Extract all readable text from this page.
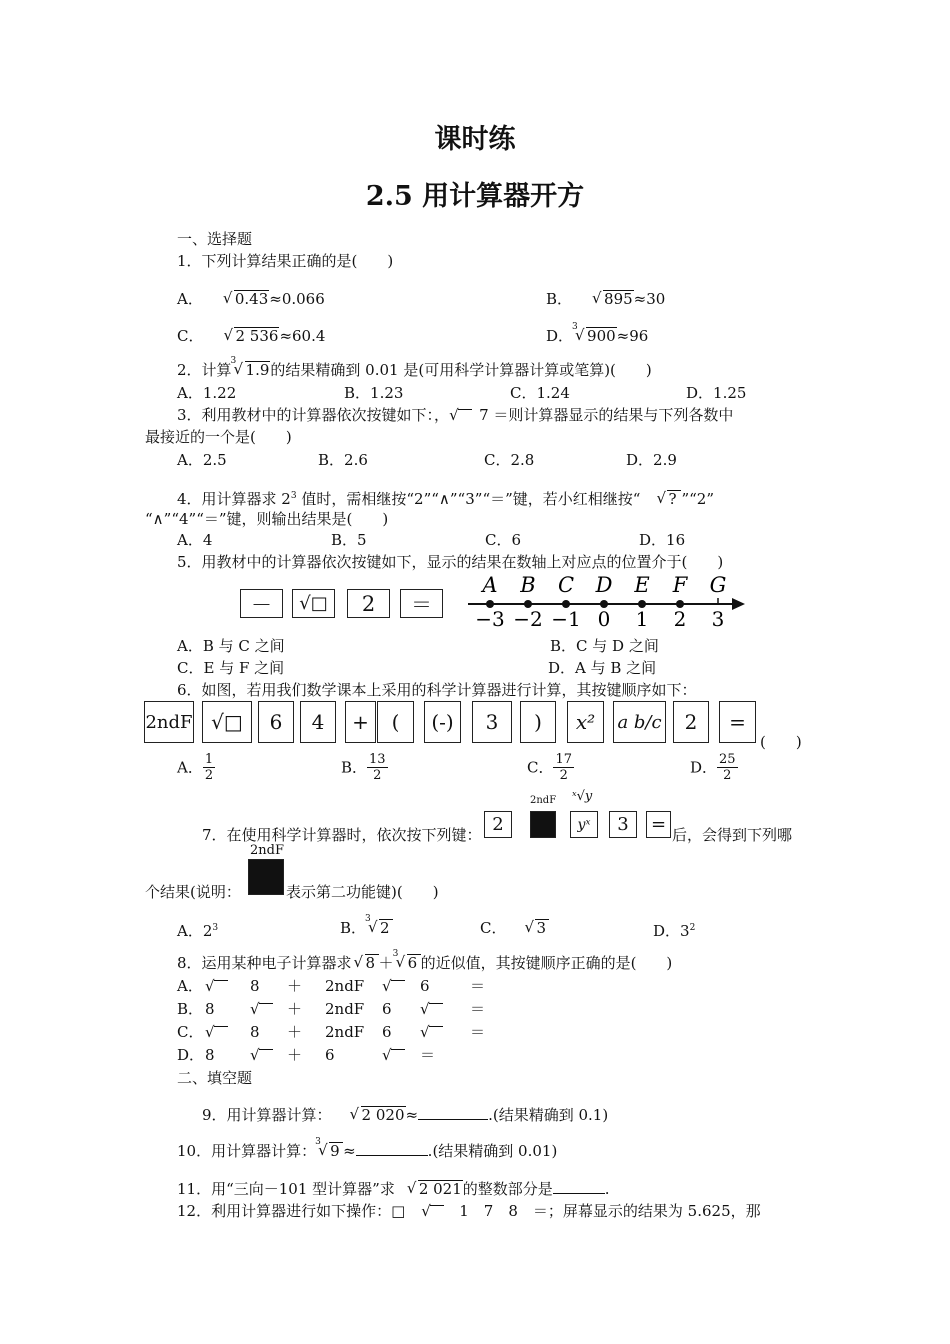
课时练
2.5 用计算器开方
一、选择题
1．下列计算结果正确的是(　　)
A． √ 0.43≈0.066	B． √ 895≈30
C． √ 2 536≈60.4	D． √ 3 900≈96
2．计算 √ 3 1.9的结果精确到 0.01 是(可用科学计算器计算或笔算)(　　)
A．1.22	B．1.23	C．1.24	D．1.25
3．利用教材中的计算器依次按键如下：， √ 7 ＝则计算器显示的结果与下列各数中
最接近的一个是(　　)
A．2.5	B．2.6	C．2.8	D．2.9
4．用计算器求 $2^3$ 值时，需相继按“2”“∧”“3”“＝”键，若小红相继按“ √ ? ”“2”
“∧”“4”“＝”键，则输出结果是(　　)
A．4	B．5	C．6	D．16
5．用教材中的计算器依次按键如下，显示的结果在数轴上对应点的位置介于(　　)
－	√□	2	＝
A
−3
B
−2
C
−1
D
0
E
1
F
2
G
3
A．B 与 C 之间	B．C 与 D 之间
C．E 与 F 之间	D．A 与 B 之间
6．如图，若用我们数学课本上采用的科学计算器进行计算，其按键顺序如下：
2ndF √□	6	4	+	(	(-)	3	)	x²	a b/c	2	=
(　　)
A． $\frac{1}{2}$	B． $\frac{13}{2}$	C． $\frac{17}{2}$	D． $\frac{25}{2}$
7．在使用科学计算器时，依次按下列键： 2
2ndF ˣ√y
yˣ	3	= 后，会得到下列哪
2ndF
个结果(说明：	表示第二功能键)(　　)
A．$2^3$	B． √ 3 2	C． √ 3	D．$3^2$
8．运用某种电子计算器求 √ 8 ＋ √ 3 6 的近似值，其按键顺序正确的是(　　)
A． √	8 ＋ 2ndF √	6	＝
B． 8 √	＋ 2ndF 6 √	＝
C． √	8 ＋ 2ndF 6 √	＝
D． 8 √	＋ 6 √	＝
二、填空题
9．用计算器计算： √ 2 020≈	.(结果精确到 0.1)
10．用计算器计算： √ 3 9 ≈	.(结果精确到 0.01)
11．用“三向－101 型计算器”求 √ 2 021的整数部分是	.
12．利用计算器进行如下操作：□ √	1　7　8　＝；屏幕显示的结果为 5.625，那
